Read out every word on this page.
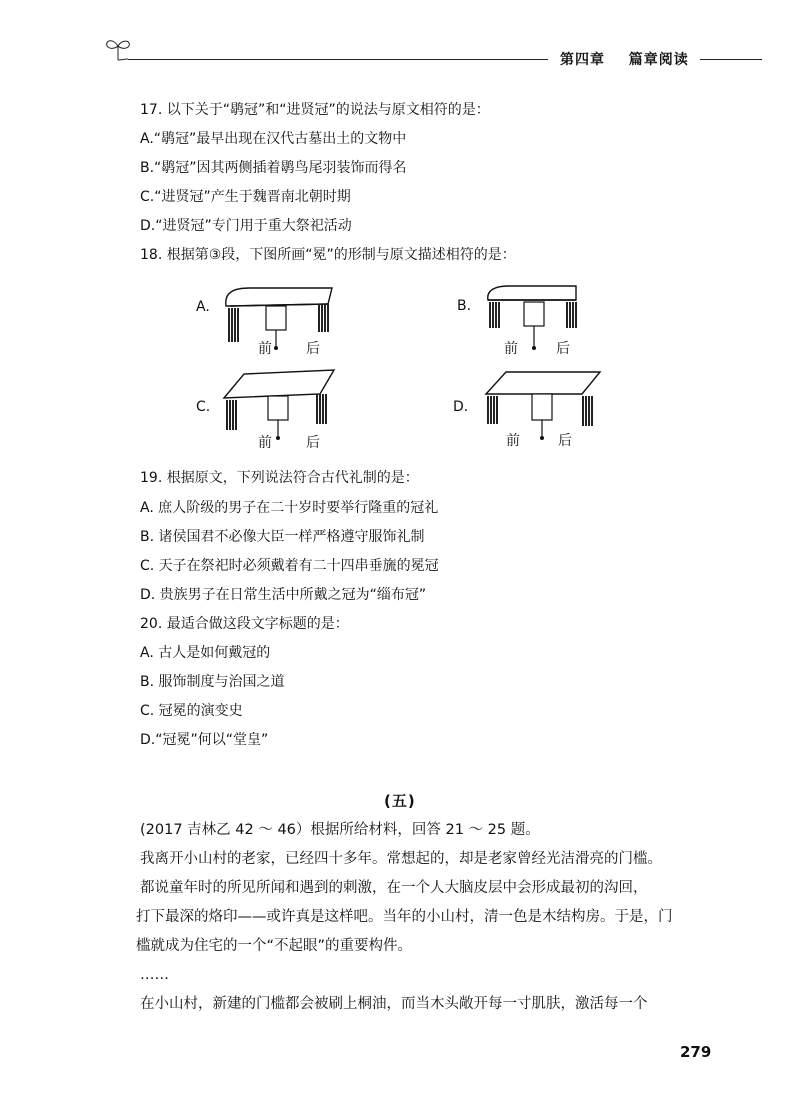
第四章 篇章阅读
17. 以下关于“鹖冠”和“进贤冠”的说法与原文相符的是：
A.“鹖冠”最早出现在汉代古墓出土的文物中
B.“鹖冠”因其两侧插着鹖鸟尾羽装饰而得名
C.“进贤冠”产生于魏晋南北朝时期
D.“进贤冠”专门用于重大祭祀活动
18. 根据第③段，下图所画“冕”的形制与原文描述相符的是：
A.
前 后
B.
前	后
C.
前 后
D.
前	后
19. 根据原文，下列说法符合古代礼制的是：
A. 庶人阶级的男子在二十岁时要举行隆重的冠礼
B. 诸侯国君不必像大臣一样严格遵守服饰礼制
C. 天子在祭祀时必须戴着有二十四串垂旒的冕冠
D. 贵族男子在日常生活中所戴之冠为“缁布冠”
20. 最适合做这段文字标题的是：
A. 古人是如何戴冠的
B. 服饰制度与治国之道
C. 冠冕的演变史
D.“冠冕”何以“堂皇”
(五)
(2017 吉林乙 42 ～ 46）根据所给材料，回答 21 ～ 25 题。
我离开小山村的老家，已经四十多年。常想起的，却是老家曾经光洁滑亮的门槛。
都说童年时的所见所闻和遇到的刺激，在一个人大脑皮层中会形成最初的沟回，
打下最深的烙印——或许真是这样吧。当年的小山村，清一色是木结构房。于是，门
槛就成为住宅的一个“不起眼”的重要构件。
……
在小山村，新建的门槛都会被刷上桐油，而当木头敞开每一寸肌肤，激活每一个
279
